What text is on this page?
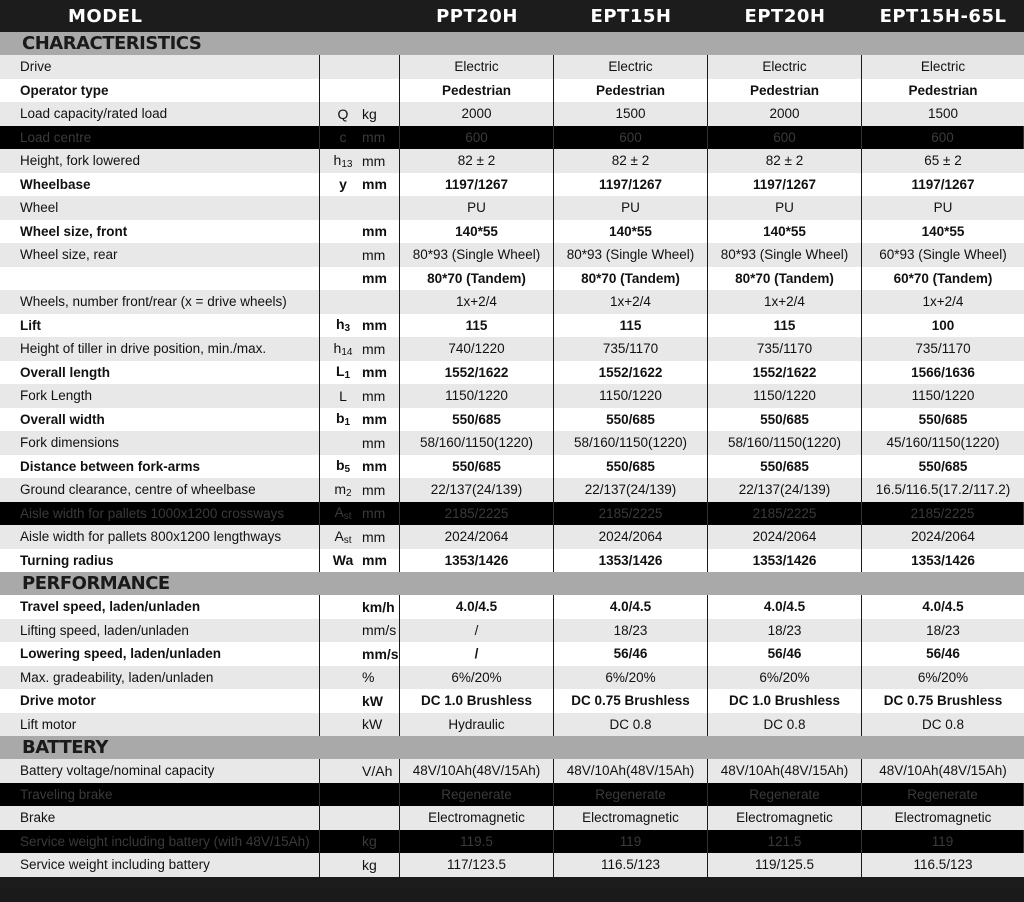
MODEL	PPT20H	EPT15H	EPT20H	EPT15H-65L
CHARACTERISTICS
Drive	Electric	Electric	Electric	Electric
Operator type	Pedestrian	Pedestrian	Pedestrian	Pedestrian
Load capacity/rated load	Q kg	2000	1500	2000	1500
Load centre	c	mm	600	600	600	600
Height, fork lowered	$h_{13}$ mm	82 ± 2	82 ± 2	82 ± 2	65 ± 2
Wheelbase	y	mm	1197/1267	1197/1267	1197/1267	1197/1267
Wheel	PU	PU	PU	PU
Wheel size, front	mm	140*55	140*55	140*55	140*55
Wheel size, rear	mm	80*93 (Single Wheel)	80*93 (Single Wheel)	80*93 (Single Wheel)	60*93 (Single Wheel)
mm	80*70 (Tandem)	80*70 (Tandem)	80*70 (Tandem)	60*70 (Tandem)
Wheels, number front/rear (x = drive wheels)	1x+2/4	1x+2/4	1x+2/4	1x+2/4
Lift	$h_3$ mm	115	115	115	100
Height of tiller in drive position, min./max.	$h_{14}$ mm	740/1220	735/1170	735/1170	735/1170
Overall length	$L_1$ mm	1552/1622	1552/1622	1552/1622	1566/1636
Fork Length	L	mm	1150/1220	1150/1220	1150/1220	1150/1220
Overall width	$b_1$ mm	550/685	550/685	550/685	550/685
Fork dimensions	mm	58/160/1150(1220)	58/160/1150(1220)	58/160/1150(1220)	45/160/1150(1220)
Distance between fork-arms	$b_5$ mm	550/685	550/685	550/685	550/685
Ground clearance, centre of wheelbase	$m_2$ mm	22/137(24/139)	22/137(24/139)	22/137(24/139)	16.5/116.5(17.2/117.2)
Aisle width for pallets 1000x1200 crossways	$A_{st}$ mm	2185/2225	2185/2225	2185/2225	2185/2225
Aisle width for pallets 800x1200 lengthways	$A_{st}$ mm	2024/2064	2024/2064	2024/2064	2024/2064
Turning radius	Wa mm	1353/1426	1353/1426	1353/1426	1353/1426
PERFORMANCE
Travel speed, laden/unladen	km/h	4.0/4.5	4.0/4.5	4.0/4.5	4.0/4.5
Lifting speed, laden/unladen	mm/s	/	18/23	18/23	18/23
Lowering speed, laden/unladen	mm/s	/	56/46	56/46	56/46
Max. gradeability, laden/unladen	%	6%/20%	6%/20%	6%/20%	6%/20%
Drive motor	kW	DC 1.0 Brushless	DC 0.75 Brushless	DC 1.0 Brushless	DC 0.75 Brushless
Lift motor	kW	Hydraulic	DC 0.8	DC 0.8	DC 0.8
BATTERY
Battery voltage/nominal capacity	V/Ah	48V/10Ah(48V/15Ah)	48V/10Ah(48V/15Ah)	48V/10Ah(48V/15Ah)	48V/10Ah(48V/15Ah)
Traveling brake	Regenerate	Regenerate	Regenerate	Regenerate
Brake	Electromagnetic	Electromagnetic	Electromagnetic	Electromagnetic
Service weight including battery (with 48V/15Ah)	kg	119.5	119	121.5	119
Service weight including battery	kg	117/123.5	116.5/123	119/125.5	116.5/123
